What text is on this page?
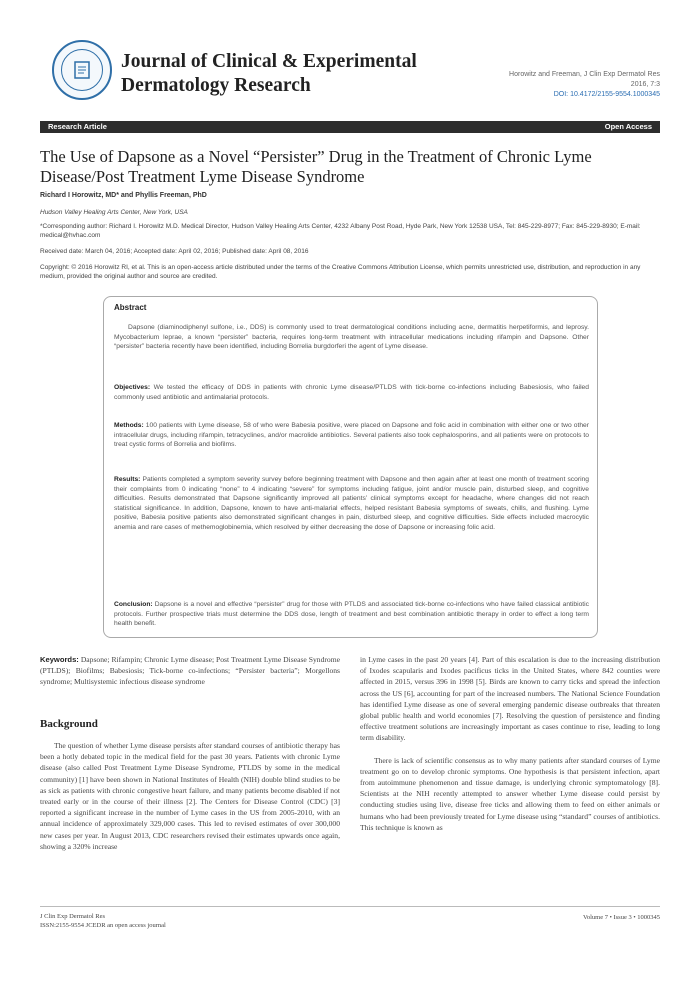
Journal of Clinical & Experimental Dermatology Research
Horowitz and Freeman, J Clin Exp Dermatol Res
2016, 7:3
DOI: 10.4172/2155-9554.1000345
Research Article	Open Access
The Use of Dapsone as a Novel “Persister” Drug in the Treatment of Chronic Lyme Disease/Post Treatment Lyme Disease Syndrome
Richard I Horowitz, MD* and Phyllis Freeman, PhD
Hudson Valley Healing Arts Center, New York, USA
*Corresponding author: Richard I. Horowitz M.D. Medical Director, Hudson Valley Healing Arts Center, 4232 Albany Post Road, Hyde Park, New York 12538 USA, Tel: 845-229-8977; Fax: 845-229-8930; E-mail: medical@hvhac.com
Received date: March 04, 2016; Accepted date: April 02, 2016; Published date: April 08, 2016
Copyright: © 2016 Horowitz RI, et al. This is an open-access article distributed under the terms of the Creative Commons Attribution License, which permits unrestricted use, distribution, and reproduction in any medium, provided the original author and source are credited.
Abstract
Dapsone (diaminodiphenyl sulfone, i.e., DDS) is commonly used to treat dermatological conditions including acne, dermatitis herpetiformis, and leprosy. Mycobacterium leprae, a known “persister” bacteria, requires long-term treatment with intracellular medications including rifampin and Dapsone. Other “persister” bacteria recently have been identified, including Borrelia burgdorferi the agent of Lyme disease.
Objectives: We tested the efficacy of DDS in patients with chronic Lyme disease/PTLDS with tick-borne co-infections including Babesiosis, who failed commonly used antibiotic and antimalarial protocols.
Methods: 100 patients with Lyme disease, 58 of who were Babesia positive, were placed on Dapsone and folic acid in combination with either one or two other intracellular drugs, including rifampin, tetracyclines, and/or macrolide antibiotics. Several patients also took cephalosporins, and all patients were on protocols to treat cystic forms of Borrelia and biofilms.
Results: Patients completed a symptom severity survey before beginning treatment with Dapsone and then again after at least one month of treatment scoring their complaints from 0 indicating “none” to 4 indicating “severe” for symptoms including fatigue, joint and/or muscle pain, disturbed sleep, and cognitive difficulties. Results demonstrated that Dapsone significantly improved all patients’ clinical symptoms except for headache, where changes did not reach statistical significance. In addition, Dapsone, known to have anti-malarial effects, helped resistant Babesia symptoms of sweats, chills, and flushing. Lyme positive, Babesia positive patients also demonstrated significant changes in pain, disturbed sleep, and cognitive difficulties. Side effects included macrocytic anemia and rare cases of methemoglobinemia, which resolved by either decreasing the dose of Dapsone or increasing folic acid.
Conclusion: Dapsone is a novel and effective “persister” drug for those with PTLDS and associated tick-borne co-infections who have failed classical antibiotic protocols. Further prospective trials must determine the DDS dose, length of treatment and best combination antibiotic therapy in order to effect a long term health benefit.
Keywords: Dapsone; Rifampin; Chronic Lyme disease; Post Treatment Lyme Disease Syndrome (PTLDS); Biofilms; Babesiosis; Tick-borne co-infections; “Persister bacteria”; Morgellons syndrome; Multisystemic infectious disease syndrome
Background

The question of whether Lyme disease persists after standard courses of antibiotic therapy has been a hotly debated topic in the medical field for the past 30 years. Patients with chronic Lyme disease (also called Post Treatment Lyme Disease Syndrome, PTLDS by some in the medical community) [1] have been shown in National Institutes of Health (NIH) double blind studies to be as sick as patients with chronic congestive heart failure, and many patients become disabled if not treated early or in the course of their illness [2]. The Centers for Disease Control (CDC) [3] reported a significant increase in the number of Lyme cases in the US from 2005-2010, with an annual incidence of approximately 329,000 cases. This led to revised estimates of over 300,000 new cases per year. In August 2013, CDC researchers revised their estimates upwards once again, showing a 320% increase

in Lyme cases in the past 20 years [4]. Part of this escalation is due to the increasing distribution of Ixodes scapularis and Ixodes pacificus ticks in the United States, where 842 counties were affected in 2015, versus 396 in 1998 [5]. Birds are known to carry ticks and spread the infection across the US [6], accounting for part of the increased numbers. The National Science Foundation has identified Lyme disease as one of several emerging pandemic disease outbreaks that threaten global public health and world economies [7]. Resolving the question of persistence and finding effective treatment solutions are increasingly important as cases continue to rise, leading to long term disability.

There is lack of scientific consensus as to why many patients after standard courses of Lyme treatment go on to develop chronic symptoms. One hypothesis is that persistent infection, apart from autoimmune phenomenon and tissue damage, is underlying chronic symptomatology [8]. Scientists at the NIH recently attempted to answer whether Lyme disease could persist by conducting studies using live, disease free ticks and allowing them to feed on either animals or humans who had been previously treated for Lyme disease using “standard” courses of antibiotics. This technique is known as

J Clin Exp Dermatol Res
ISSN:2155-9554 JCEDR an open access journal
Volume 7 • Issue 3 • 1000345
